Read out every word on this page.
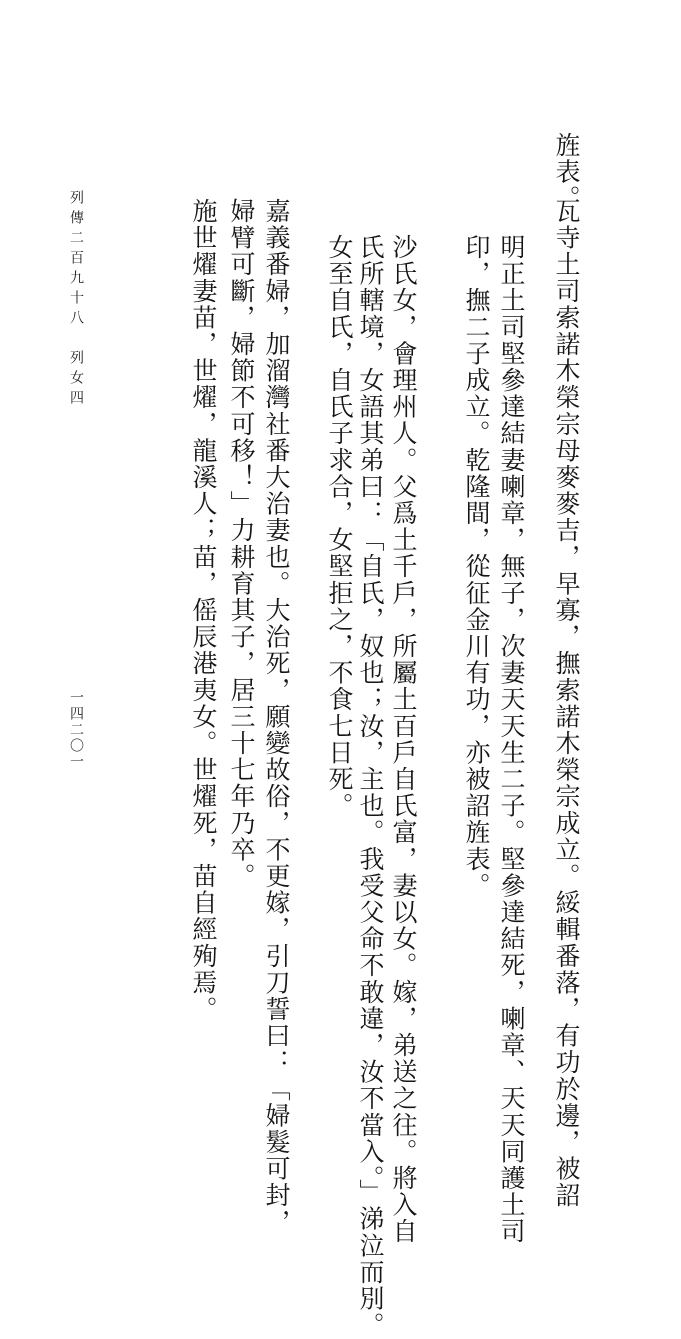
旌表。
瓦寺土司索諾木榮宗母麥麥吉，早寡，撫索諾木榮宗成立。綏輯番落，有功於邊，被詔
明正土司堅參達結妻喇章，無子，次妻天天生二子。堅參達結死，喇章、天天同護土司
印，撫二子成立。乾隆間，從征金川有功，亦被詔旌表。
沙氏女，會理州人。父爲土千戶，所屬土百戶自氏富，妻以女。嫁，弟送之往。將入自
氏所轄境，女語其弟曰：「自氏，奴也；汝，主也。我受父命不敢違，汝不當入。」涕泣而別。
女至自氏，自氏子求合，女堅拒之，不食七日死。
嘉義番婦，加溜灣社番大治妻也。大治死，願變故俗，不更嫁，引刀誓曰：「婦髮可封，
婦臂可斷，婦節不可移！」力耕育其子，居三十七年乃卒。
施世燿妻苗，世燿，龍溪人；苗，傜辰港夷女。世燿死，苗自經殉焉。
列傳二百九十八
列女四
一四二〇一
